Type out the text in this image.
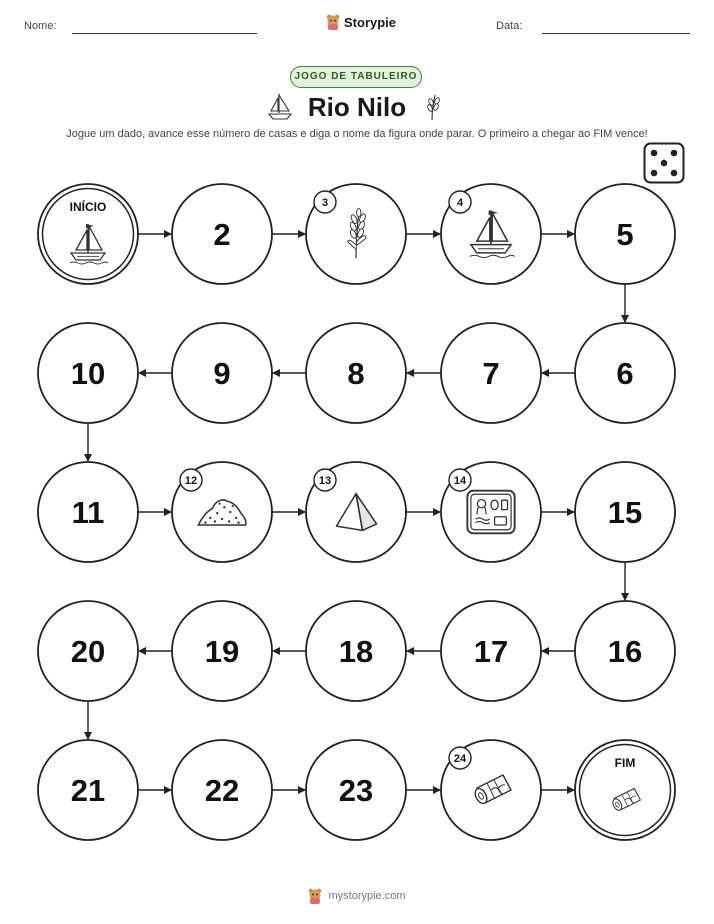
Nome:	Storypie	Data:
JOGO DE TABULEIRO
Rio Nilo
Jogue um dado, avance esse número de casas e diga o nome da figura onde parar. O primeiro a chegar ao FIM vence!
INÍCIO
2
3	4
5
6
7
8
9
10
11
12	13	14
15
16
17
18
19
20
21	22	23
24	FIM
mystorypie.com
